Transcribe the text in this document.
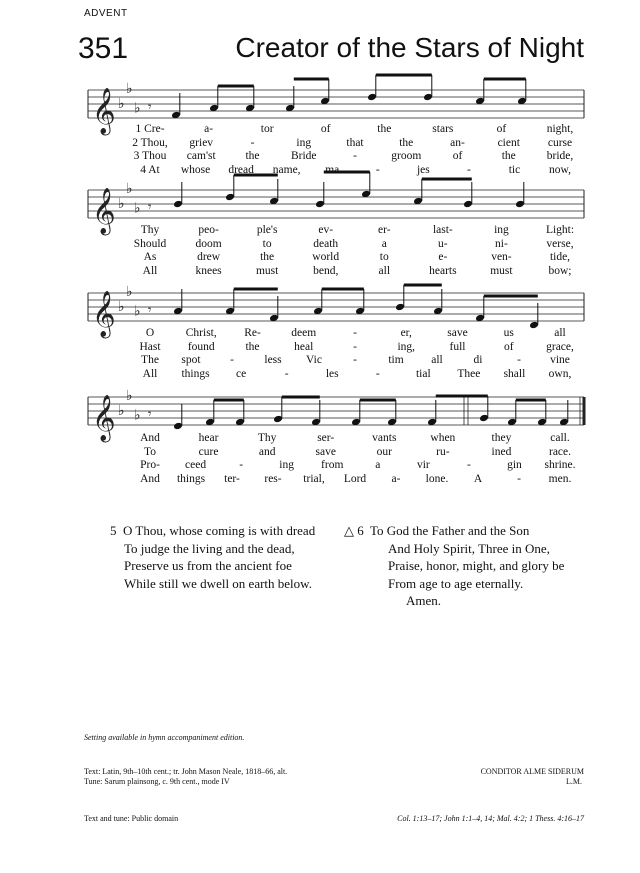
ADVENT
351	Creator of the Stars of Night
𝄞 ♭
♭
♭ 𝄾
1 Cre-	a-	tor	of	the	stars	of	night,
2 Thou, griev	-	ing	that	the	an-	cient curse
3 Thou cam'st	the	Bride	-	groom	of	the	bride,
4 At whose dread name, ma	-	jes	-	tic	now,
𝄞 ♭
♭
♭ 𝄾
Thy	peo-	ple's	ev-	er-	last-	ing	Light:
Should	doom	to	death	a	u-	ni-	verse,
As	drew	the	world	to	e-	ven-	tide,
All	knees	must	bend,	all	hearts	must	bow;
𝄞 ♭
♭
♭ 𝄾
O	Christ, Re-	deem	-	er,	save	us	all
Hast found	the	heal	-	ing,	full	of	grace,
The spot	-	less Vic	-	tim all	di	-	vine
All things ce	-	les	-	tial Thee shall own,
𝄞 ♭
♭
♭ 𝄾
And	hear	Thy	ser-	vants	when	they	call.
To	cure	and	save	our	ru-	ined	race.
Pro- ceed	-	ing from	a	vir	-	gin shrine.
And things ter- res- trial, Lord a- lone. A	- men.
5 O Thou, whose coming is with dread
To judge the living and the dead,
Preserve us from the ancient foe
While still we dwell on earth below.
△ 6 To God the Father and the Son
And Holy Spirit, Three in One,
Praise, honor, might, and glory be
From age to age eternally.
Amen.
Setting available in hymn accompaniment edition.
Text: Latin, 9th–10th cent.; tr. John Mason Neale, 1818–66, alt.
Tune: Sarum plainsong, c. 9th cent., mode IV
CONDITOR ALME SIDERUM
L.M.
Text and tune: Public domain	Col. 1:13–17; John 1:1–4, 14; Mal. 4:2; 1 Thess. 4:16–17
